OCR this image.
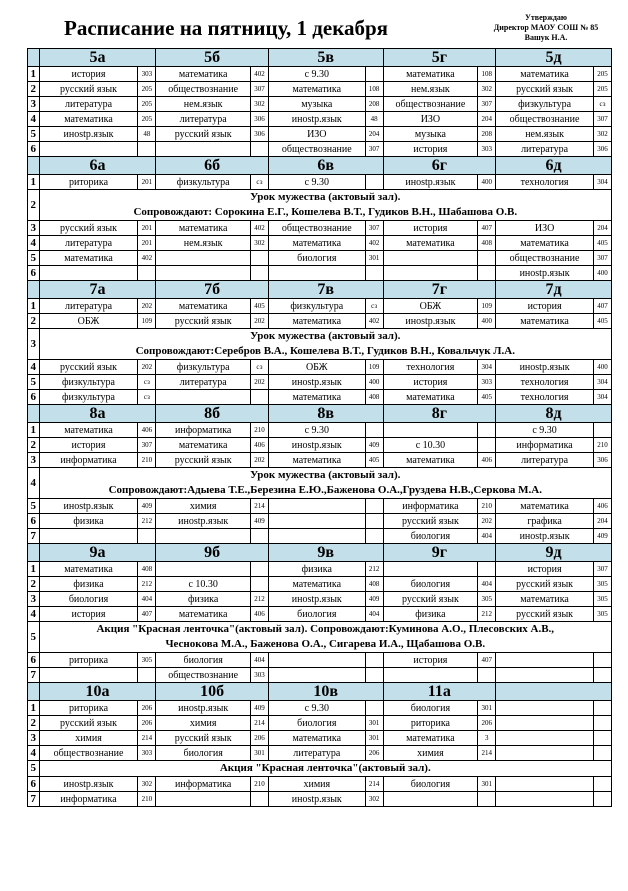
Расписание на пятницу, 1 декабря	Утверждаю
Директор МАОУ СОШ № 85
Вашук Н.А.
	5а		5б		5в		5г		5д	
1	история	303	математика	402	с 9.30		математика	108	математика	205
2	русский язык	205	обществознание	307	математика	108	нем.язык	302	русский язык	205
3	литература	205	нем.язык	302	музыка	208	обществознание	307	физкультура	сз
4	математика	205	литература	306	инostр.язык	48	ИЗО	204	обществознание	307
5	инostр.язык	48	русский язык	306	ИЗО	204	музыка	208	нем.язык	302
6					обществознание	307	история	303	литература	306
	6а		6б		6в		6г		6д	
1	риторика	201	физкультура	сз	с 9.30		инostр.язык	400	технология	304
2	Урок мужества (актовый зал).
Сопровождают: Сорокина Е.Г., Кошелева В.Т., Гудиков В.Н., Шабашова О.В.									

3	русский язык	201	математика	402	обществознание	307	история	407	ИЗО	204
4	литература	201	нем.язык	302	математика	402	математика	408	математика	405
5	математика	402			биология	301			обществознание	307
6									инostр.язык	400
	7а		7б		7в		7г		7д	
1	литература	202	математика	405	физкультура	сз	ОБЖ	109	история	407
2	ОБЖ	109	русский язык	202	математика	402	инostр.язык	400	математика	405
3	Урок мужества (актовый зал).
Сопровождают:Серебров В.А., Кошелева В.Т., Гудиков В.Н., Ковальчук Л.А.									

4	русский язык	202	физкультура	сз	ОБЖ	109	технология	304	инostр.язык	400
5	физкультура	сз	литература	202	инostр.язык	400	история	303	технология	304
6	физкультура	сз			математика	408	математика	405	технология	304
	8а		8б		8в		8г		8д	
1	математика	406	информатика	210	с 9.30				с 9.30	
2	история	307	математика	406	инostр.язык	409	с 10.30		информатика	210
3	информатика	210	русский язык	202	математика	405	математика	406	литература	306
4	Урок мужества (актовый зал).
Сопровождают:Адыева Т.Е.,Березина Е.Ю.,Баженова О.А.,Груздева Н.В.,Серкова М.А.									

5	инostр.язык	409	химия	214			информатика	210	математика	406
6	физика	212	инostр.язык	409			русский язык	202	графика	204
7							биология	404	инostр.язык	409
	9а		9б		9в		9г		9д	
1	математика	408			физика	212			история	307
2	физика	212	с 10.30		математика	408	биология	404	русский язык	305
3	биология	404	физика	212	инostр.язык	409	русский язык	305	математика	305
4	история	407	математика	406	биология	404	физика	212	русский язык	305
5	Акция "Красная ленточка"(актовый зал). Сопровождают:Куминова А.О., Плесовских А.В.,
Чеснокова М.А., Баженова О.А., Сигарева И.А., Щабашова О.В.									

6	риторика	305	биология	404			история	407		
7			обществознание	303						
	10а		10б		10в		11а			
1	риторика	206	инostр.язык	409	с 9.30		биология	301		
2	русский язык	206	химия	214	биология	301	риторика	206		
3	химия	214	русский язык	206	математика	301	математика	3		
4	обществознание	303	биология	301	литература	206	химия	214		
5	Акция "Красная ленточка"(актовый зал).									

6	инostр.язык	302	информатика	210	химия	214	биология	301		
7	информатика	210			инostр.язык	302				
